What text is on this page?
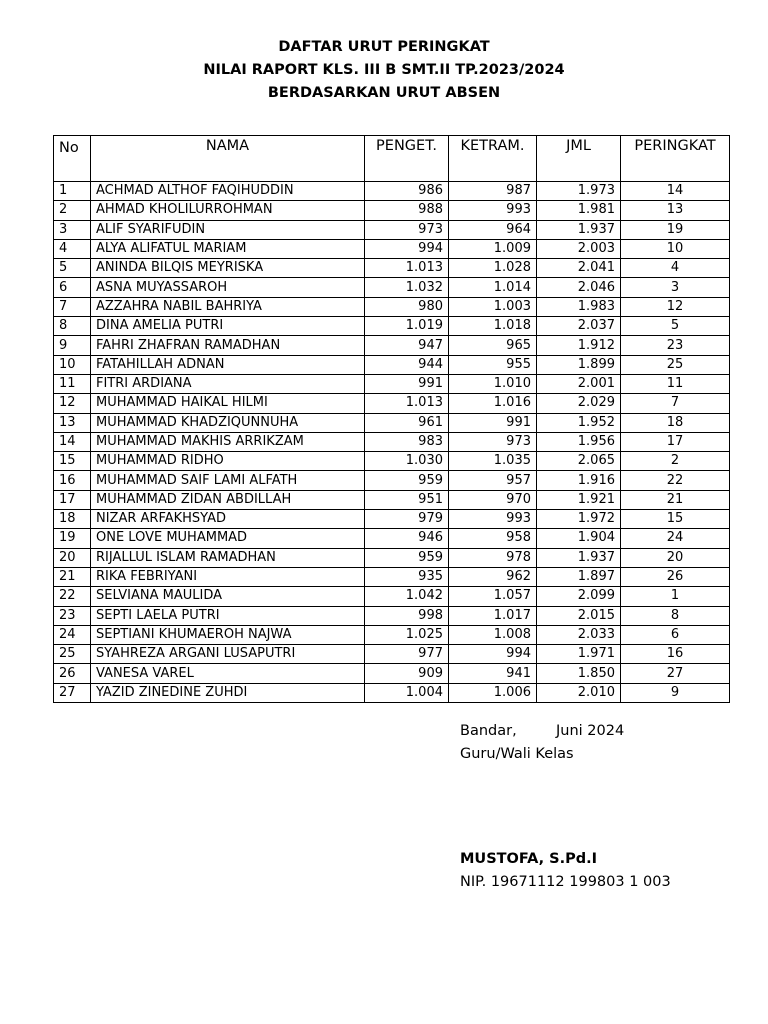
DAFTAR URUT PERINGKAT
NILAI RAPORT KLS. III B SMT.II TP.2023/2024
BERDASARKAN URUT ABSEN
No	NAMA	PENGET.	KETRAM.	JML	PERINGKAT
1	ACHMAD ALTHOF FAQIHUDDIN	986	987	1.973	14
2	AHMAD KHOLILURROHMAN	988	993	1.981	13
3	ALIF SYARIFUDIN	973	964	1.937	19
4	ALYA ALIFATUL MARIAM	994	1.009	2.003	10
5	ANINDA BILQIS MEYRISKA	1.013	1.028	2.041	4
6	ASNA MUYASSAROH	1.032	1.014	2.046	3
7	AZZAHRA NABIL BAHRIYA	980	1.003	1.983	12
8	DINA AMELIA PUTRI	1.019	1.018	2.037	5
9	FAHRI ZHAFRAN RAMADHAN	947	965	1.912	23
10	FATAHILLAH ADNAN	944	955	1.899	25
11	FITRI ARDIANA	991	1.010	2.001	11
12	MUHAMMAD HAIKAL HILMI	1.013	1.016	2.029	7
13	MUHAMMAD KHADZIQUNNUHA	961	991	1.952	18
14	MUHAMMAD MAKHIS ARRIKZAM	983	973	1.956	17
15	MUHAMMAD RIDHO	1.030	1.035	2.065	2
16	MUHAMMAD SAIF LAMI ALFATH	959	957	1.916	22
17	MUHAMMAD ZIDAN ABDILLAH	951	970	1.921	21
18	NIZAR ARFAKHSYAD	979	993	1.972	15
19	ONE LOVE MUHAMMAD	946	958	1.904	24
20	RIJALLUL ISLAM RAMADHAN	959	978	1.937	20
21	RIKA FEBRIYANI	935	962	1.897	26
22	SELVIANA MAULIDA	1.042	1.057	2.099	1
23	SEPTI LAELA PUTRI	998	1.017	2.015	8
24	SEPTIANI KHUMAEROH NAJWA	1.025	1.008	2.033	6
25	SYAHREZA ARGANI LUSAPUTRI	977	994	1.971	16
26	VANESA VAREL	909	941	1.850	27
27	YAZID ZINEDINE ZUHDI	1.004	1.006	2.010	9
Bandar,	Juni 2024
Guru/Wali Kelas
MUSTOFA, S.Pd.I
NIP. 19671112 199803 1 003
